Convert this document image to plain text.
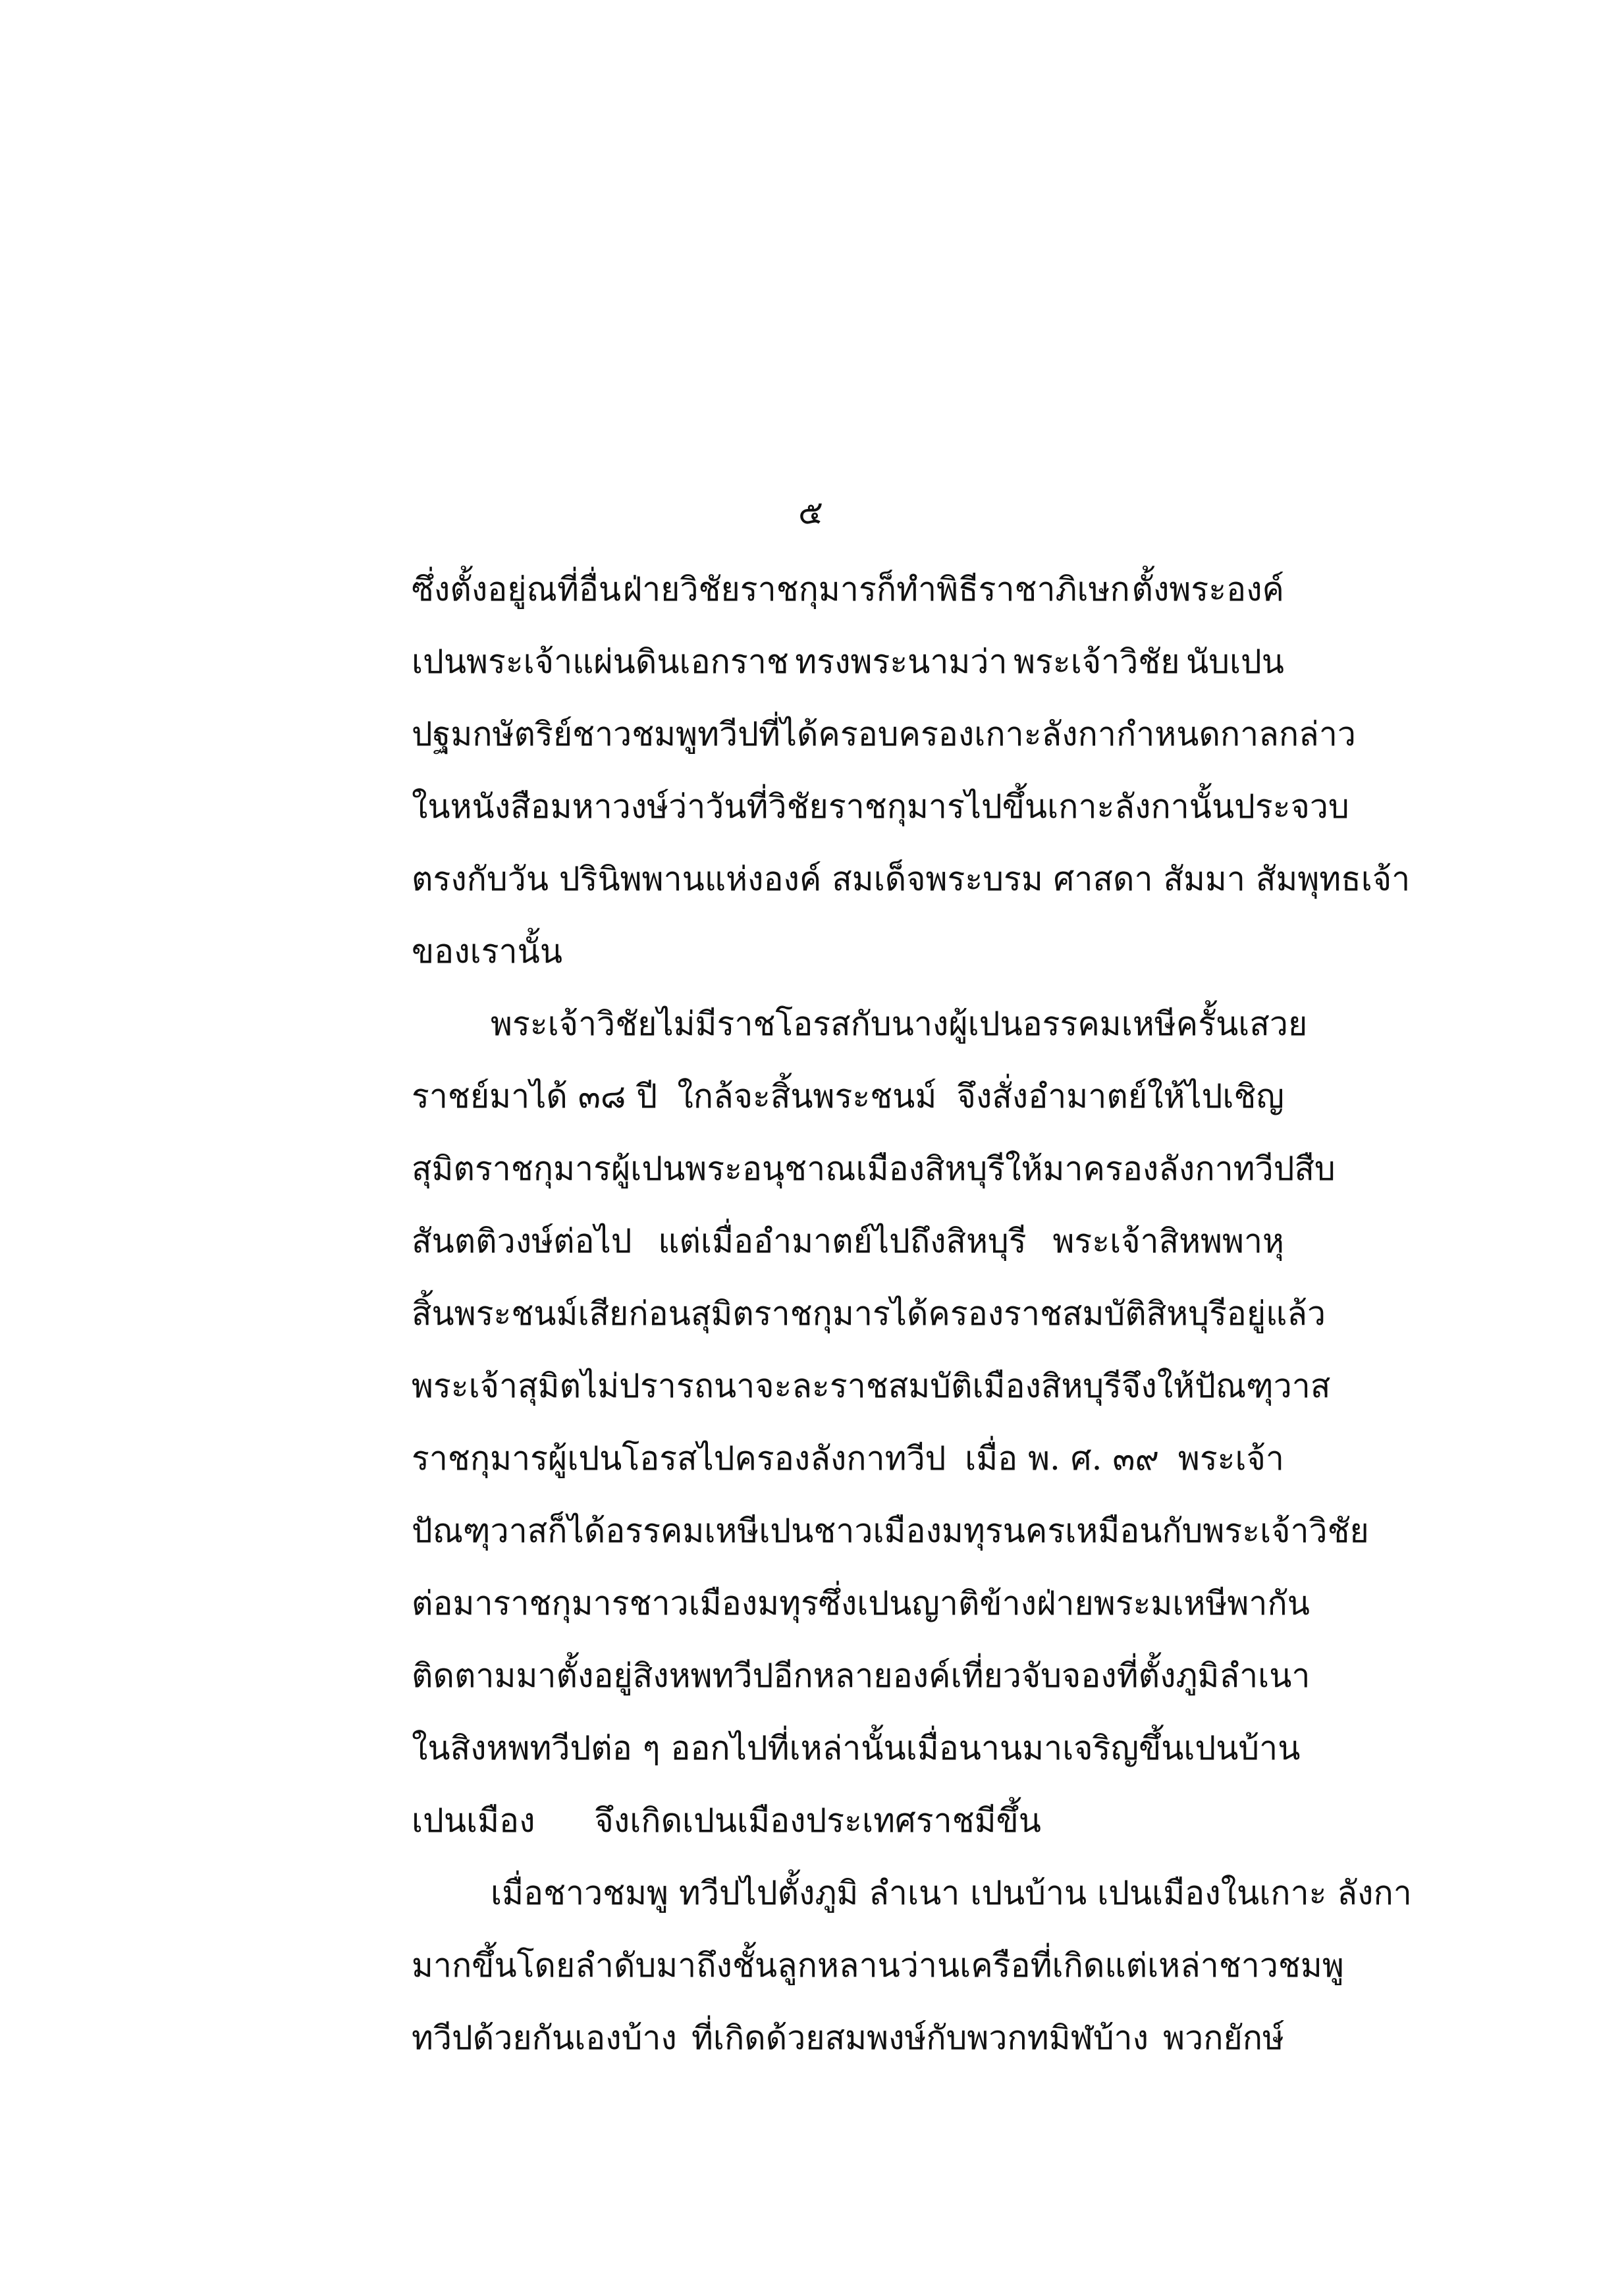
๕
ซึ่งตั้งอยู่ณที่อื่น ฝ่ายวิชัยราชกุมารก็ทำพิธีราชาภิเษก ตั้งพระองค์
เปนพระเจ้าแผ่นดินเอกราช ทรงพระนามว่า พระเจ้าวิชัย นับเปน
ปฐมกษัตริย์ชาวชมพูทวีปที่ได้ครอบครองเกาะลังกา กำหนดกาลกล่าว
ในหนังสือมหาวงษ์ว่า วันที่วิชัยราชกุมารไปขึ้นเกาะลังกานั้น ประจวบ
ตรงกับวัน ปรินิพพานแห่งองค์ สมเด็จพระบรม ศาสดา สัมมา สัมพุทธเจ้า
ของเรานั้น
พระเจ้าวิชัยไม่มีราชโอรสกับนางผู้เปนอรรคมเหษี ครั้นเสวย
ราชย์มาได้ ๓๘ ปี ใกล้จะสิ้นพระชนม์ จึงสั่งอำมาตย์ให้ไปเชิญ
สุมิตราชกุมารผู้เปนพระอนุชาณเมืองสิหบุรี ให้มาครองลังกาทวีปสืบ
สันตติวงษ์ต่อไป แต่เมื่ออำมาตย์ไปถึงสิหบุรี พระเจ้าสิหพพาหุ
สิ้นพระชนม์เสียก่อน สุมิตราชกุมารได้ครองราชสมบัติสิหบุรีอยู่แล้ว
พระเจ้าสุมิตไม่ปรารถนาจะละราชสมบัติเมืองสิหบุรี จึงให้ปัณฑุวาส
ราชกุมารผู้เปนโอรสไปครองลังกาทวีป เมื่อ พ. ศ. ๓๙ พระเจ้า
ปัณฑุวาสก็ได้อรรคมเหษีเปนชาวเมืองมทุรนคร เหมือนกับพระเจ้าวิชัย
ต่อมาราชกุมารชาวเมืองมทุรซึ่งเปนญาติข้างฝ่ายพระมเหษี พากัน
ติดตามมาตั้งอยู่สิงหพทวีปอีกหลายองค์ เที่ยวจับจองที่ตั้งภูมิลำเนา
ในสิงหพทวีปต่อ ๆ ออกไป ที่เหล่านั้น เมื่อนานมาเจริญขึ้นเปนบ้าน
เปนเมือง จึงเกิดเปนเมืองประเทศราชมีขึ้น
เมื่อชาวชมพู ทวีปไปตั้งภูมิ ลำเนา เปนบ้าน เปนเมืองในเกาะ ลังกา
มากขึ้นโดยลำดับ มาถึงชั้นลูกหลานว่านเครือที่เกิดแต่เหล่าชาวชมพู
ทวีปด้วยกันเองบ้าง ที่เกิดด้วยสมพงษ์กับพวกทมิฬบ้าง พวกยักษ์
